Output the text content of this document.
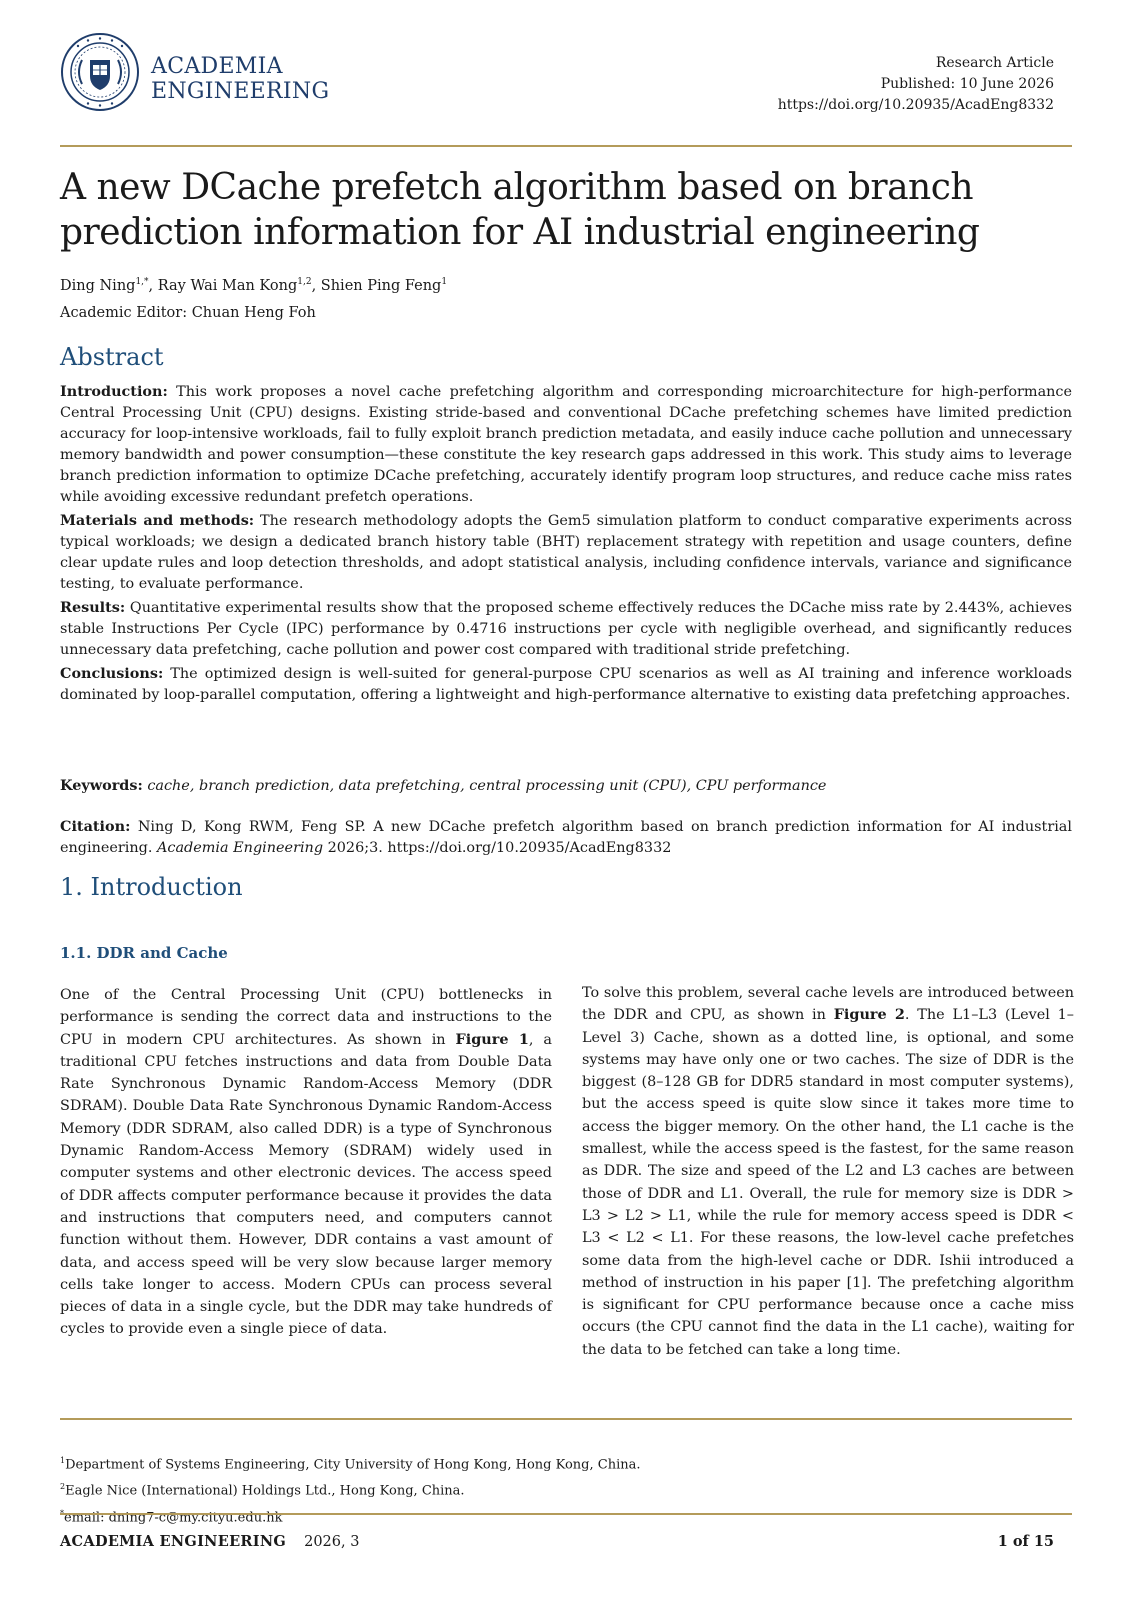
ACADEMIA
ENGINEERING
Research Article
Published: 10 June 2026
https://doi.org/10.20935/AcadEng8332
A new DCache prefetch algorithm based on branch prediction information for AI industrial engineering
Ding Ning$^{1,*}$, Ray Wai Man Kong$^{1,2}$, Shien Ping Feng$^1$
Academic Editor: Chuan Heng Foh
Abstract

Introduction: This work proposes a novel cache prefetching algorithm and corresponding microarchitecture for high-performance Central Processing Unit (CPU) designs. Existing stride-based and conventional DCache prefetching schemes have limited prediction accuracy for loop-intensive workloads, fail to fully exploit branch prediction metadata, and easily induce cache pollution and unnecessary memory bandwidth and power consumption—these constitute the key research gaps addressed in this work. This study aims to leverage branch prediction information to optimize DCache prefetching, accurately identify program loop structures, and reduce cache miss rates while avoiding excessive redundant prefetch operations.

Materials and methods: The research methodology adopts the Gem5 simulation platform to conduct comparative experiments across typical workloads; we design a dedicated branch history table (BHT) replacement strategy with repetition and usage counters, define clear update rules and loop detection thresholds, and adopt statistical analysis, including confidence intervals, variance and significance testing, to evaluate performance.

Results: Quantitative experimental results show that the proposed scheme effectively reduces the DCache miss rate by 2.443%, achieves stable Instructions Per Cycle (IPC) performance by 0.4716 instructions per cycle with negligible overhead, and significantly reduces unnecessary data prefetching, cache pollution and power cost compared with traditional stride prefetching.

Conclusions: The optimized design is well-suited for general-purpose CPU scenarios as well as AI training and inference workloads dominated by loop-parallel computation, offering a lightweight and high-performance alternative to existing data prefetching approaches.

Keywords: cache, branch prediction, data prefetching, central processing unit (CPU), CPU performance
Citation: Ning D, Kong RWM, Feng SP. A new DCache prefetch algorithm based on branch prediction information for AI industrial engineering. Academia Engineering 2026;3. https://doi.org/10.20935/AcadEng8332
1. Introduction
1.1. DDR and Cache
One of the Central Processing Unit (CPU) bottlenecks in performance is sending the correct data and instructions to the CPU in modern CPU architectures. As shown in Figure 1, a traditional CPU fetches instructions and data from Double Data Rate Synchronous Dynamic Random-Access Memory (DDR SDRAM). Double Data Rate Synchronous Dynamic Random-Access Memory (DDR SDRAM, also called DDR) is a type of Synchronous Dynamic Random-Access Memory (SDRAM) widely used in computer systems and other electronic devices. The access speed of DDR affects computer performance because it provides the data and instructions that computers need, and computers cannot function without them. However, DDR contains a vast amount of data, and access speed will be very slow because larger memory cells take longer to access. Modern CPUs can process several pieces of data in a single cycle, but the DDR may take hundreds of cycles to provide even a single piece of data.
To solve this problem, several cache levels are introduced between the DDR and CPU, as shown in Figure 2. The L1–L3 (Level 1–Level 3) Cache, shown as a dotted line, is optional, and some systems may have only one or two caches. The size of DDR is the biggest (8–128 GB for DDR5 standard in most computer systems), but the access speed is quite slow since it takes more time to access the bigger memory. On the other hand, the L1 cache is the smallest, while the access speed is the fastest, for the same reason as DDR. The size and speed of the L2 and L3 caches are between those of DDR and L1. Overall, the rule for memory size is DDR > L3 > L2 > L1, while the rule for memory access speed is DDR < L3 < L2 < L1. For these reasons, the low-level cache prefetches some data from the high-level cache or DDR. Ishii introduced a method of instruction in his paper [1]. The prefetching algorithm is significant for CPU performance because once a cache miss occurs (the CPU cannot find the data in the L1 cache), waiting for the data to be fetched can take a long time.
$^1$Department of Systems Engineering, City University of Hong Kong, Hong Kong, China.
$^2$Eagle Nice (International) Holdings Ltd., Hong Kong, China.
*email: dning7-c@my.cityu.edu.hk
ACADEMIA ENGINEERING 2026, 3	1 of 15
